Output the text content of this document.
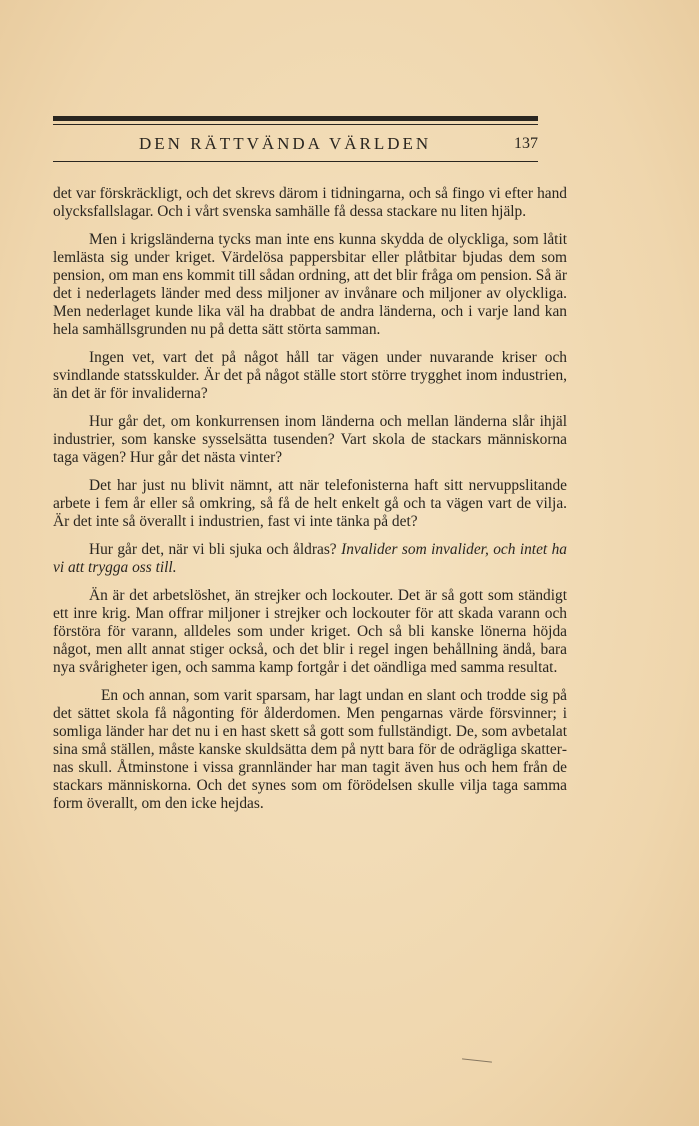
DEN RÄTTVÄNDA VÄRLDEN	137

det var förskräckligt, och det skrevs därom i tidningarna, och så fingo vi efter hand olycksfallslagar. Och i vårt svenska samhälle få dessa stackare nu liten hjälp.

Men i krigsländerna tycks man inte ens kunna skydda de olyckliga, som låtit lemlästa sig under kriget. Värdelösa pappersbitar eller plåtbitar bjudas dem som pension, om man ens kommit till sådan ordning, att det blir fråga om pension. Så är det i nederlagets länder med dess miljoner av invånare och miljoner av olyckliga. Men nederlaget kunde lika väl ha drabbat de andra länderna, och i varje land kan hela samhällsgrunden nu på detta sätt störta samman.

Ingen vet, vart det på något håll tar vägen under nuvarande kriser och svindlande statsskulder. Är det på något ställe stort större trygghet inom industrien, än det är för invaliderna?

Hur går det, om konkurrensen inom länderna och mellan länderna slår ihjäl industrier, som kanske sysselsätta tusenden? Vart skola de stackars människorna taga vägen? Hur går det nästa vinter?

Det har just nu blivit nämnt, att när telefonisterna haft sitt nervuppslitande arbete i fem år eller så omkring, så få de helt enkelt gå och ta vägen vart de vilja. Är det inte så överallt i industrien, fast vi inte tänka på det?

Hur går det, när vi bli sjuka och åldras? Invalider som invalider, och intet ha vi att trygga oss till.

Än är det arbetslöshet, än strejker och lockouter. Det är så gott som ständigt ett inre krig. Man offrar miljoner i strejker och lockouter för att skada varann och förstöra för varann, alldeles som under kriget. Och så bli kanske lönerna höjda något, men allt annat stiger också, och det blir i regel ingen behållning ändå, bara nya svårigheter igen, och samma kamp fortgår i det oändliga med samma resultat.

En och annan, som varit sparsam, har lagt undan en slant och trodde sig på det sättet skola få någonting för ålderdomen. Men pengarnas värde försvinner; i somliga länder har det nu i en hast skett så gott som fullständigt. De, som avbetalat sina små ställen, måste kanske skuldsätta dem på nytt bara för de odrägliga skatternas skull. Åtminstone i vissa grannländer har man tagit även hus och hem från de stackars människorna. Och det synes som om förödelsen skulle vilja taga samma form överallt, om den icke hejdas.
